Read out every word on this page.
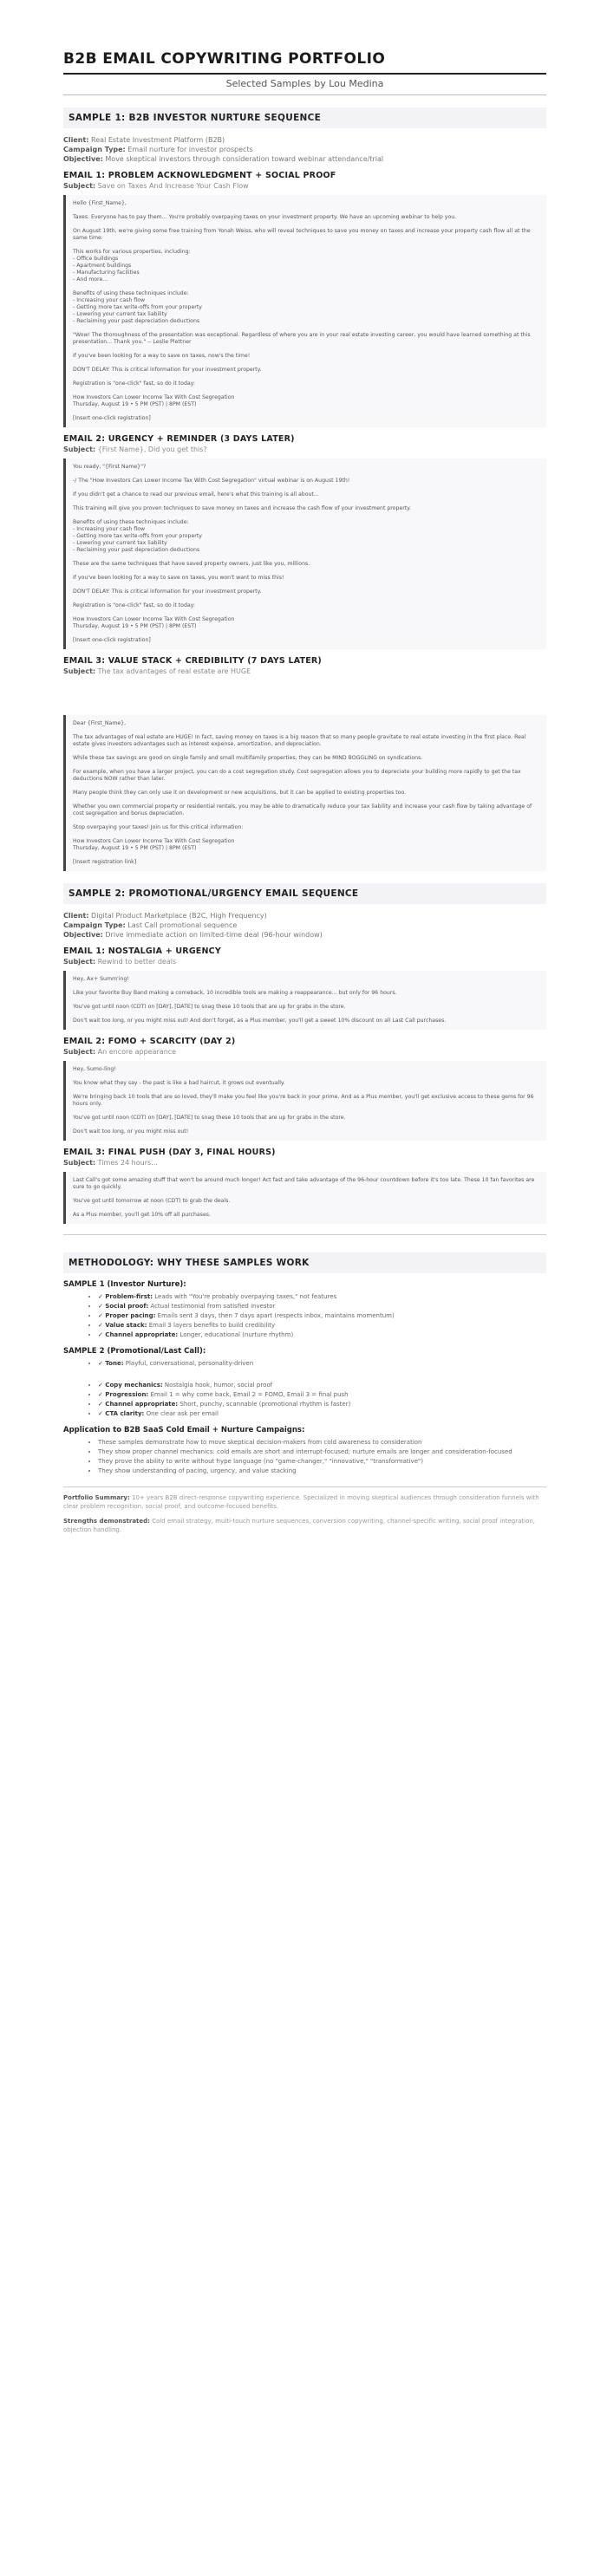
B2B EMAIL COPYWRITING PORTFOLIO
Selected Samples by Lou Medina
SAMPLE 1: B2B INVESTOR NURTURE SEQUENCE
Client: Real Estate Investment Platform (B2B)
Campaign Type: Email nurture for investor prospects
Objective: Move skeptical investors through consideration toward webinar attendance/trial
EMAIL 1: PROBLEM ACKNOWLEDGMENT + SOCIAL PROOF
Subject: Save on Taxes And Increase Your Cash Flow

Hello {First_Name},

Taxes. Everyone has to pay them... You're probably overpaying taxes on your investment property. We have an upcoming webinar to help you.

On August 19th, we're giving some free training from Yonah Weiss, who will reveal techniques to save you money on taxes and increase your property cash flow all at the same time.

This works for various properties, including:
- Office buildings
- Apartment buildings
- Manufacturing facilities
- And more...

Benefits of using these techniques include:
- Increasing your cash flow
- Getting more tax write-offs from your property
- Lowering your current tax liability
- Reclaiming your past depreciation deductions

"Wow! The thoroughness of the presentation was exceptional. Regardless of where you are in your real estate investing career, you would have learned something at this presentation... Thank you." -- Leslie Plettner

If you've been looking for a way to save on taxes, now's the time!

DON'T DELAY: This is critical information for your investment property.

Registration is "one-click" fast, so do it today:

How Investors Can Lower Income Tax With Cost Segregation
Thursday, August 19 • 5 PM (PST) | 8PM (EST)

[Insert one-click registration]

EMAIL 2: URGENCY + REMINDER (3 DAYS LATER)
Subject: {First Name}, Did you get this?

You ready, "{First Name}"?

-/ The "How Investors Can Lower Income Tax With Cost Segregation" virtual webinar is on August 19th!

If you didn't get a chance to read our previous email, here's what this training is all about...

This training will give you proven techniques to save money on taxes and increase the cash flow of your investment property.

Benefits of using these techniques include:
- Increasing your cash flow
- Getting more tax write-offs from your property
- Lowering your current tax liability
- Reclaiming your past depreciation deductions

These are the same techniques that have saved property owners, just like you, millions.

If you've been looking for a way to save on taxes, you won't want to miss this!

DON'T DELAY: This is critical information for your investment property.

Registration is "one-click" fast, so do it today:

How Investors Can Lower Income Tax With Cost Segregation
Thursday, August 19 • 5 PM (PST) | 8PM (EST)

[Insert one-click registration]

EMAIL 3: VALUE STACK + CREDIBILITY (7 DAYS LATER)
Subject: The tax advantages of real estate are HUGE

Dear {First_Name},

The tax advantages of real estate are HUGE! In fact, saving money on taxes is a big reason that so many people gravitate to real estate investing in the first place. Real estate gives investors advantages such as interest expense, amortization, and depreciation.

While these tax savings are good on single family and small multifamily properties, they can be MIND BOGGLING on syndications.

For example, when you have a larger project, you can do a cost segregation study. Cost segregation allows you to depreciate your building more rapidly to get the tax deductions NOW rather than later.

Many people think they can only use it on development or new acquisitions, but it can be applied to existing properties too.

Whether you own commercial property or residential rentals, you may be able to dramatically reduce your tax liability and increase your cash flow by taking advantage of cost segregation and bonus depreciation.

Stop overpaying your taxes! Join us for this critical information:

How Investors Can Lower Income Tax With Cost Segregation
Thursday, August 19 • 5 PM (PST) | 8PM (EST)

[Insert registration link]

SAMPLE 2: PROMOTIONAL/URGENCY EMAIL SEQUENCE
Client: Digital Product Marketplace (B2C, High Frequency)
Campaign Type: Last Call promotional sequence
Objective: Drive immediate action on limited-time deal (96-hour window)
EMAIL 1: NOSTALGIA + URGENCY
Subject: Rewind to better deals

Hey, Ax+ Summ'ing!

Like your favorite Buy Band making a comeback, 10 incredible tools are making a reappearance... but only for 96 hours.

You've got until noon (CDT) on [DAY], [DATE] to snag these 10 tools that are up for grabs in the store.

Don't wait too long, or you might miss out! And don't forget, as a Plus member, you'll get a sweet 10% discount on all Last Call purchases.

EMAIL 2: FOMO + SCARCITY (DAY 2)
Subject: An encore appearance

Hey, Sumo-ling!

You know what they say - the past is like a bad haircut, it grows out eventually.

We're bringing back 10 tools that are so loved, they'll make you feel like you're back in your prime. And as a Plus member, you'll get exclusive access to these gems for 96 hours only.

You've got until noon (CDT) on [DAY], [DATE] to snag these 10 tools that are up for grabs in the store.

Don't wait too long, or you might miss out!

EMAIL 3: FINAL PUSH (DAY 3, FINAL HOURS)
Subject: Times 24 hours...

Last Call's got some amazing stuff that won't be around much longer! Act fast and take advantage of the 96-hour countdown before it's too late. These 10 fan favorites are sure to go quickly.

You've got until tomorrow at noon (CDT) to grab the deals.

As a Plus member, you'll get 10% off all purchases.

METHODOLOGY: WHY THESE SAMPLES WORK
SAMPLE 1 (Investor Nurture):
• ✓ Problem-first: Leads with "You're probably overpaying taxes," not features
• ✓ Social proof: Actual testimonial from satisfied investor
• ✓ Proper pacing: Emails sent 3 days, then 7 days apart (respects inbox, maintains momentum)
• ✓ Value stack: Email 3 layers benefits to build credibility
• ✓ Channel appropriate: Longer, educational (nurture rhythm)
SAMPLE 2 (Promotional/Last Call):
• ✓ Tone: Playful, conversational, personality-driven
• ✓ Copy mechanics: Nostalgia hook, humor, social proof
• ✓ Progression: Email 1 = why come back, Email 2 = FOMO, Email 3 = final push
• ✓ Channel appropriate: Short, punchy, scannable (promotional rhythm is faster)
• ✓ CTA clarity: One clear ask per email
Application to B2B SaaS Cold Email + Nurture Campaigns:
• These samples demonstrate how to move skeptical decision-makers from cold awareness to consideration
• They show proper channel mechanics: cold emails are short and interrupt-focused; nurture emails are longer and consideration-focused
• They prove the ability to write without hype language (no "game-changer," "innovative," "transformative")
• They show understanding of pacing, urgency, and value stacking
Portfolio Summary: 10+ years B2B direct-response copywriting experience. Specialized in moving skeptical audiences through consideration funnels with clear problem recognition, social proof, and outcome-focused benefits.
Strengths demonstrated: Cold email strategy, multi-touch nurture sequences, conversion copywriting, channel-specific writing, social proof integration, objection handling.
